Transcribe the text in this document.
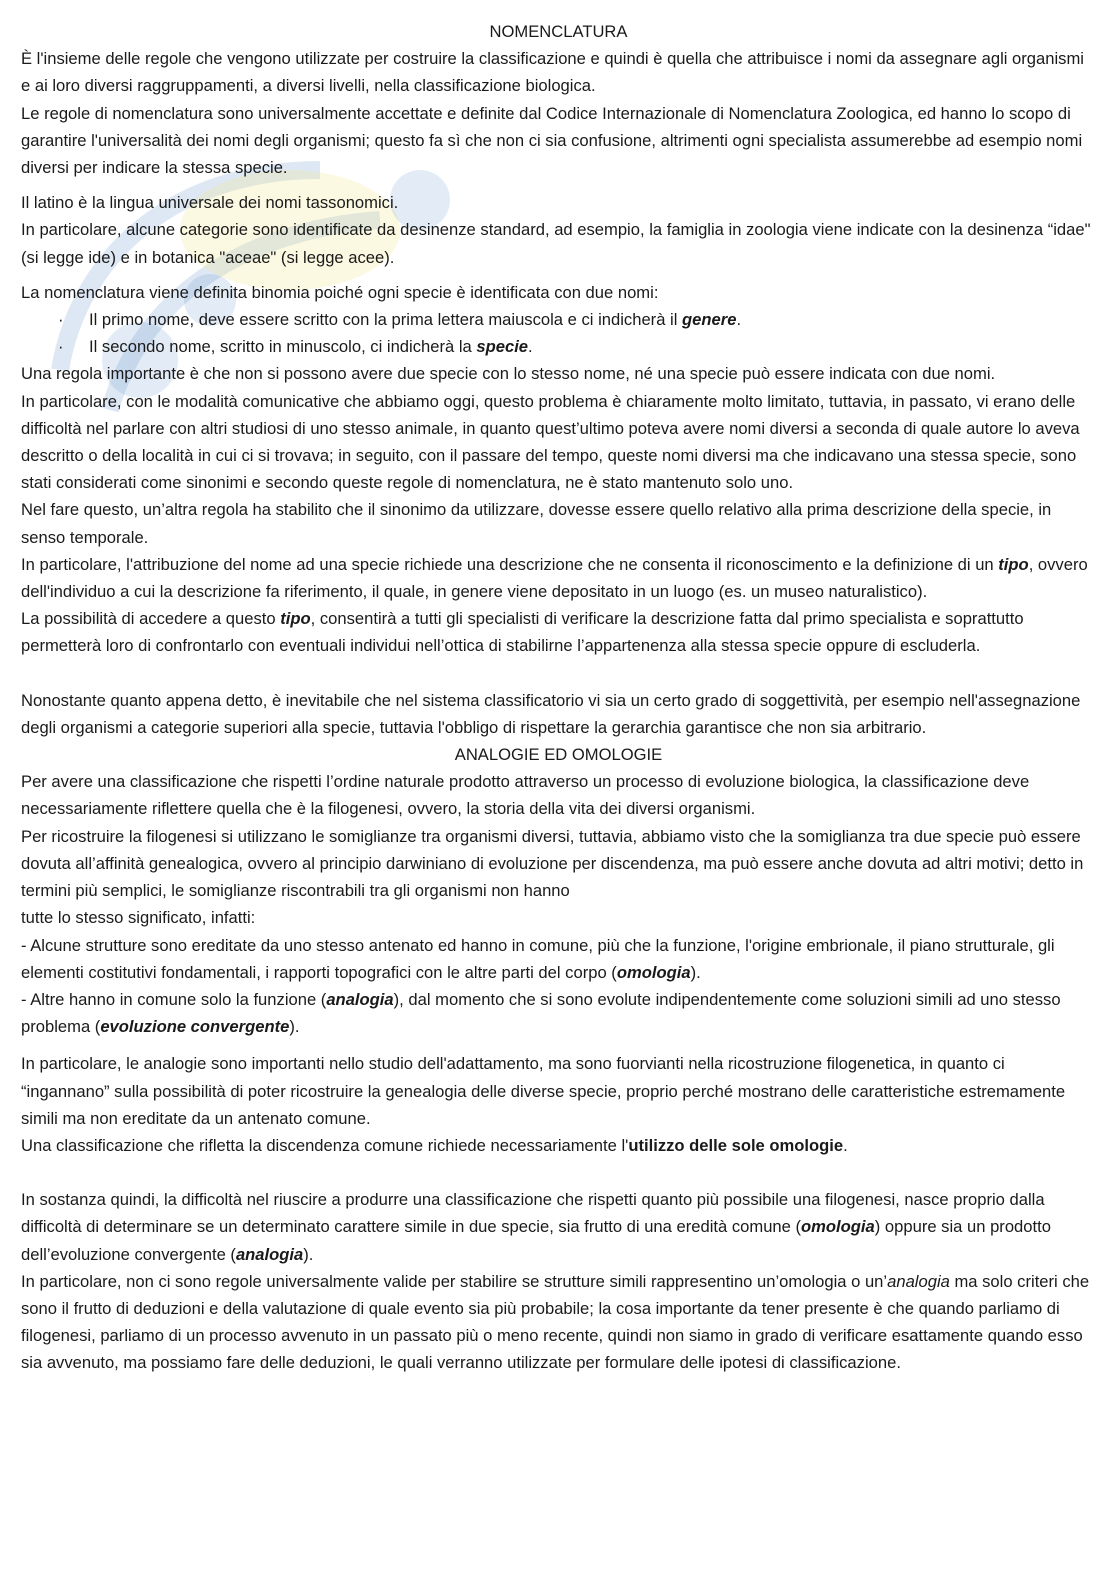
NOMENCLATURA

È l'insieme delle regole che vengono utilizzate per costruire la classificazione e quindi è quella che attribuisce i nomi da assegnare agli organismi e ai loro diversi raggruppamenti, a diversi livelli, nella classificazione biologica.

Le regole di nomenclatura sono universalmente accettate e definite dal Codice Internazionale di Nomenclatura Zoologica, ed hanno lo scopo di garantire l'universalità dei nomi degli organismi; questo fa sì che non ci sia confusione, altrimenti ogni specialista assumerebbe ad esempio nomi diversi per indicare la stessa specie.

Il latino è la lingua universale dei nomi tassonomici.

In particolare, alcune categorie sono identificate da desinenze standard, ad esempio, la famiglia in zoologia viene indicate con la desinenza “idae" (si legge ide) e in botanica "aceae" (si legge acee).

La nomenclatura viene definita binomia poiché ogni specie è identificata con due nomi:

· Il primo nome, deve essere scritto con la prima lettera maiuscola e ci indicherà il genere.

· Il secondo nome, scritto in minuscolo, ci indicherà la specie.

Una regola importante è che non si possono avere due specie con lo stesso nome, né una specie può essere indicata con due nomi.

In particolare, con le modalità comunicative che abbiamo oggi, questo problema è chiaramente molto limitato, tuttavia, in passato, vi erano delle difficoltà nel parlare con altri studiosi di uno stesso animale, in quanto quest’ultimo poteva avere nomi diversi a seconda di quale autore lo aveva descritto o della località in cui ci si trovava; in seguito, con il passare del tempo, queste nomi diversi ma che indicavano una stessa specie, sono stati considerati come sinonimi e secondo queste regole di nomenclatura, ne è stato mantenuto solo uno.

Nel fare questo, un’altra regola ha stabilito che il sinonimo da utilizzare, dovesse essere quello relativo alla prima descrizione della specie, in senso temporale.

In particolare, l'attribuzione del nome ad una specie richiede una descrizione che ne consenta il riconoscimento e la definizione di un tipo, ovvero dell'individuo a cui la descrizione fa riferimento, il quale, in genere viene depositato in un luogo (es. un museo naturalistico).

La possibilità di accedere a questo tipo, consentirà a tutti gli specialisti di verificare la descrizione fatta dal primo specialista e soprattutto permetterà loro di confrontarlo con eventuali individui nell’ottica di stabilirne l’appartenenza alla stessa specie oppure di escluderla.

Nonostante quanto appena detto, è inevitabile che nel sistema classificatorio vi sia un certo grado di soggettività, per esempio nell'assegnazione degli organismi a categorie superiori alla specie, tuttavia l'obbligo di rispettare la gerarchia garantisce che non sia arbitrario.

ANALOGIE ED OMOLOGIE

Per avere una classificazione che rispetti l’ordine naturale prodotto attraverso un processo di evoluzione biologica, la classificazione deve necessariamente riflettere quella che è la filogenesi, ovvero, la storia della vita dei diversi organismi.

Per ricostruire la filogenesi si utilizzano le somiglianze tra organismi diversi, tuttavia, abbiamo visto che la somiglianza tra due specie può essere dovuta all’affinità genealogica, ovvero al principio darwiniano di evoluzione per discendenza, ma può essere anche dovuta ad altri motivi; detto in termini più semplici, le somiglianze riscontrabili tra gli organismi non hanno

tutte lo stesso significato, infatti:

- Alcune strutture sono ereditate da uno stesso antenato ed hanno in comune, più che la funzione, l'origine embrionale, il piano strutturale, gli elementi costitutivi fondamentali, i rapporti topografici con le altre parti del corpo (omologia).

- Altre hanno in comune solo la funzione (analogia), dal momento che si sono evolute indipendentemente come soluzioni simili ad uno stesso problema (evoluzione convergente).

In particolare, le analogie sono importanti nello studio dell'adattamento, ma sono fuorvianti nella ricostruzione filogenetica, in quanto ci “ingannano” sulla possibilità di poter ricostruire la genealogia delle diverse specie, proprio perché mostrano delle caratteristiche estremamente simili ma non ereditate da un antenato comune.

Una classificazione che rifletta la discendenza comune richiede necessariamente l'utilizzo delle sole omologie.

In sostanza quindi, la difficoltà nel riuscire a produrre una classificazione che rispetti quanto più possibile una filogenesi, nasce proprio dalla difficoltà di determinare se un determinato carattere simile in due specie, sia frutto di una eredità comune (omologia) oppure sia un prodotto dell’evoluzione convergente (analogia).

In particolare, non ci sono regole universalmente valide per stabilire se strutture simili rappresentino un’omologia o un’analogia ma solo criteri che sono il frutto di deduzioni e della valutazione di quale evento sia più probabile; la cosa importante da tener presente è che quando parliamo di filogenesi, parliamo di un processo avvenuto in un passato più o meno recente, quindi non siamo in grado di verificare esattamente quando esso sia avvenuto, ma possiamo fare delle deduzioni, le quali verranno utilizzate per formulare delle ipotesi di classificazione.
